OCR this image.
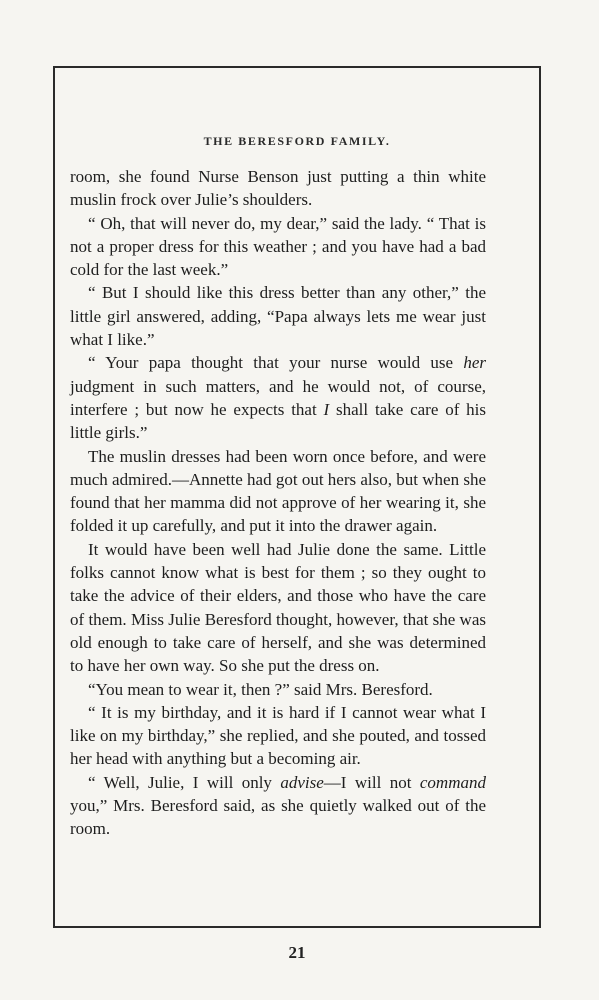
THE BERESFORD FAMILY.

room, she found Nurse Benson just putting a thin white muslin frock over Julie’s shoulders.

“ Oh, that will never do, my dear,” said the lady. “ That is not a proper dress for this weather ; and you have had a bad cold for the last week.”

“ But I should like this dress better than any other,” the little girl answered, adding, “Papa always lets me wear just what I like.”

“ Your papa thought that your nurse would use her judgment in such matters, and he would not, of course, interfere ; but now he expects that I shall take care of his little girls.”

The muslin dresses had been worn once before, and were much admired.—Annette had got out hers also, but when she found that her mamma did not approve of her wearing it, she folded it up carefully, and put it into the drawer again.

It would have been well had Julie done the same. Little folks cannot know what is best for them ; so they ought to take the advice of their elders, and those who have the care of them. Miss Julie Beresford thought, however, that she was old enough to take care of herself, and she was determined to have her own way. So she put the dress on.

“You mean to wear it, then ?” said Mrs. Beresford.

“ It is my birthday, and it is hard if I cannot wear what I like on my birthday,” she replied, and she pouted, and tossed her head with anything but a becoming air.

“ Well, Julie, I will only advise—I will not command you,” Mrs. Beresford said, as she quietly walked out of the room.

21
